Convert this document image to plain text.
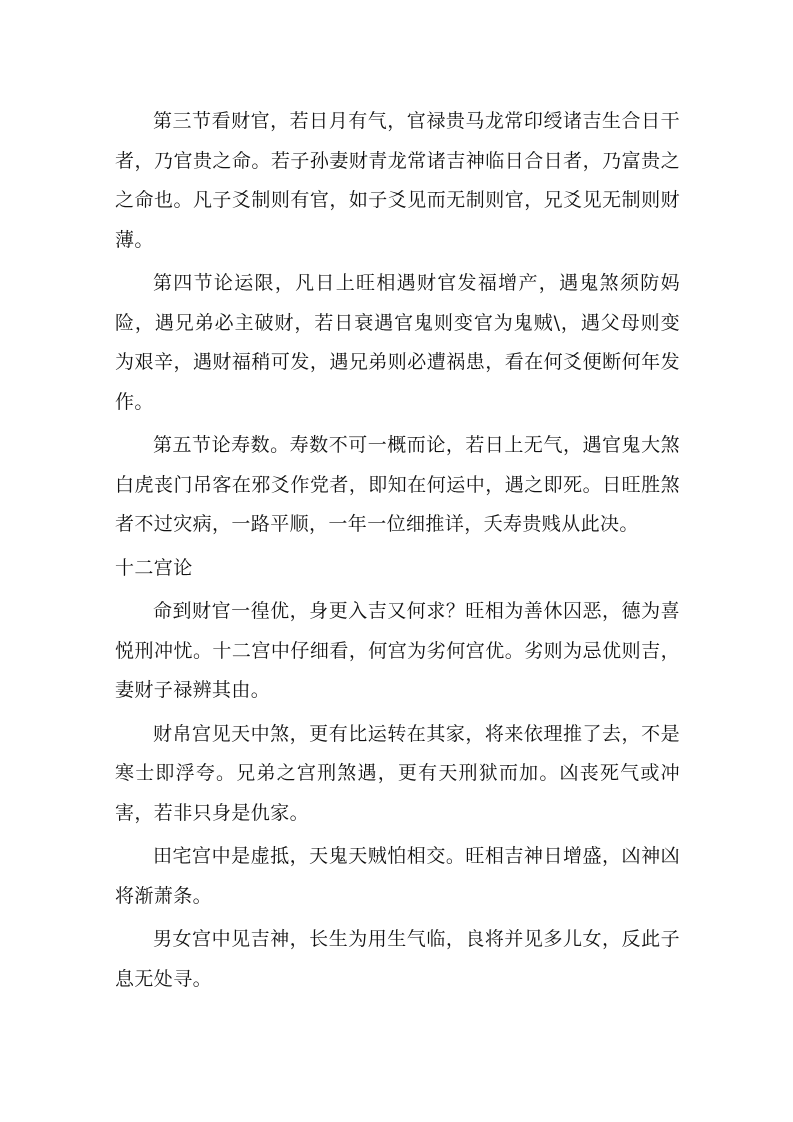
第三节看财官，若日月有气，官禄贵马龙常印绶诸吉生合日干者，乃官贵之命。若子孙妻财青龙常诸吉神临日合日者，乃富贵之之命也。凡子爻制则有官，如子爻见而无制则官，兄爻见无制则财薄。

第四节论运限，凡日上旺相遇财官发福增产，遇鬼煞须防妈险，遇兄弟必主破财，若日衰遇官鬼则变官为鬼贼\，遇父母则变为艰辛，遇财福稍可发，遇兄弟则必遭祸患，看在何爻便断何年发作。

第五节论寿数。寿数不可一概而论，若日上无气，遇官鬼大煞白虎丧门吊客在邪爻作党者，即知在何运中，遇之即死。日旺胜煞者不过灾病，一路平顺，一年一位细推详，夭寿贵贱从此决。

十二宫论

命到财官一徨优，身更入吉又何求？旺相为善休囚恶，德为喜悦刑冲忧。十二宫中仔细看，何宫为劣何宫优。劣则为忌优则吉，妻财子禄辨其由。

财帛宫见天中煞，更有比运转在其家，将来依理推了去，不是寒士即浮夸。兄弟之宫刑煞遇，更有天刑狱而加。凶丧死气或冲害，若非只身是仇家。

田宅宫中是虚抵，天鬼天贼怕相交。旺相吉神日增盛，凶神凶将渐萧条。

男女宫中见吉神，长生为用生气临，良将并见多儿女，反此子息无处寻。
